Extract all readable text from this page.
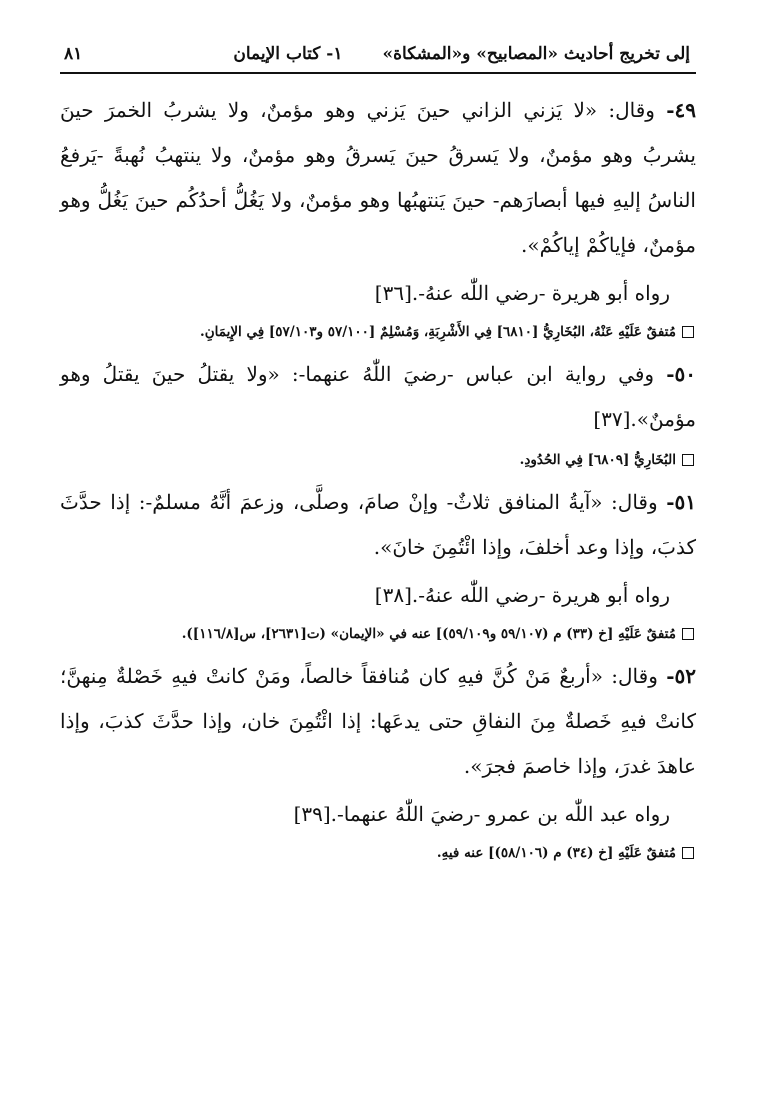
إلى تخريج أحاديث «المصابيح» و«المشكاة»
١- كتاب الإيمان
٨١

٤٩- وقال: «لا يَزني الزاني حينَ يَزني وهو مؤمنٌ، ولا يشربُ الخمرَ حينَ يشربُ وهو مؤمنٌ، ولا يَسرقُ حينَ يَسرقُ وهو مؤمنٌ، ولا ينتهبُ نُهبةً -يَرفعُ الناسُ إليهِ فيها أبصارَهم- حينَ يَنتهبُها وهو مؤمنٌ، ولا يَغُلُّ أحدُكُم حينَ يَغُلُّ وهو مؤمنٌ، فإياكُمْ إياكُمْ».

رواه أبو هريرة -رضي اللّٰه عنهُ-.[٣٦]

مُتفقٌ عَلَيْهِ عَنْهُ، البُخَارِيُّ [٦٨١٠] فِي الأَشْرِبَةِ، وَمُسْلِمٌ [٥٧/١٠٠ و٥٧/١٠٣] فِي الإِيمَانِ.

٥٠- وفي رواية ابن عباس -رضيَ اللّٰهُ عنهما-: «ولا يقتلُ حينَ يقتلُ وهو مؤمنٌ».[٣٧]

البُخَارِيُّ [٦٨٠٩] فِي الحُدُودِ.

٥١- وقال: «آيةُ المنافق ثلاثٌ- وإنْ صامَ، وصلَّى، وزعمَ أنَّهُ مسلمٌ-: إذا حدَّثَ كذبَ، وإذا وعد أخلفَ، وإذا ائْتُمِنَ خانَ».

رواه أبو هريرة -رضي اللّٰه عنهُ-.[٣٨]

مُتفقٌ عَلَيْهِ [خ (٣٣) م (٥٩/١٠٧ و٥٩/١٠٩)] عنه في «الإيمان» (ت[٢٦٣١]، س[١١٦/٨]).

٥٢- وقال: «أربعٌ مَنْ كُنَّ فيهِ كان مُنافقاً خالصاً، ومَنْ كانتْ فيهِ خَصْلةٌ مِنهنَّ؛ كانتْ فيهِ خَصلةٌ مِنَ النفاقِ حتى يدعَها: إذا ائْتُمِنَ خان، وإذا حدَّثَ كذبَ، وإذا عاهدَ غدرَ، وإذا خاصمَ فجرَ».

رواه عبد اللّٰه بن عمرو -رضيَ اللّٰهُ عنهما-.[٣٩]

مُتفقٌ عَلَيْهِ [خ (٣٤) م (٥٨/١٠٦)] عنه فيهِ.
